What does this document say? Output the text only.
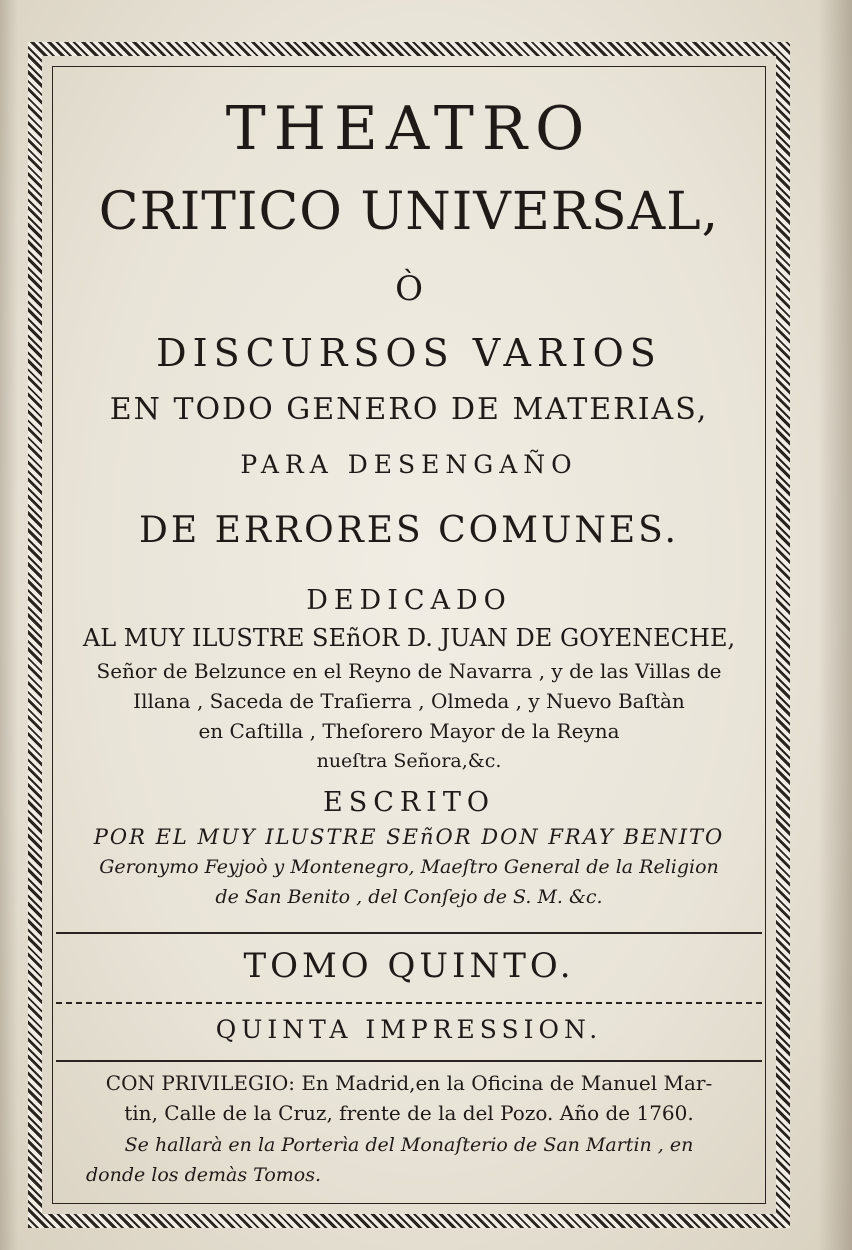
THEATRO
CRITICO UNIVERSAL,
Ò
DISCURSOS VARIOS
EN TODO GENERO DE MATERIAS,
PARA DESENGAÑO
DE ERRORES COMUNES.
DEDICADO
AL MUY ILUSTRE SEñOR D. JUAN DE GOYENECHE,
Señor de Belzunce en el Reyno de Navarra , y de las Villas de
Illana , Saceda de Traſierra , Olmeda , y Nuevo Baſtàn
en Caſtilla , Theſorero Mayor de la Reyna
nueſtra Señora,&c.
ESCRITO
POR EL MUY ILUSTRE SEñOR DON FRAY BENITO
Geronymo Feyjoò y Montenegro, Maeſtro General de la Religion
de San Benito , del Conſejo de S. M. &c.
TOMO QUINTO.
QUINTA IMPRESSION.
CON PRIVILEGIO: En Madrid,en la Oficina de Manuel Mar-
tin, Calle de la Cruz, frente de la del Pozo. Año de 1760.
Se hallarà en la Porterìa del Monaſterio de San Martin , en
donde los demàs Tomos.
